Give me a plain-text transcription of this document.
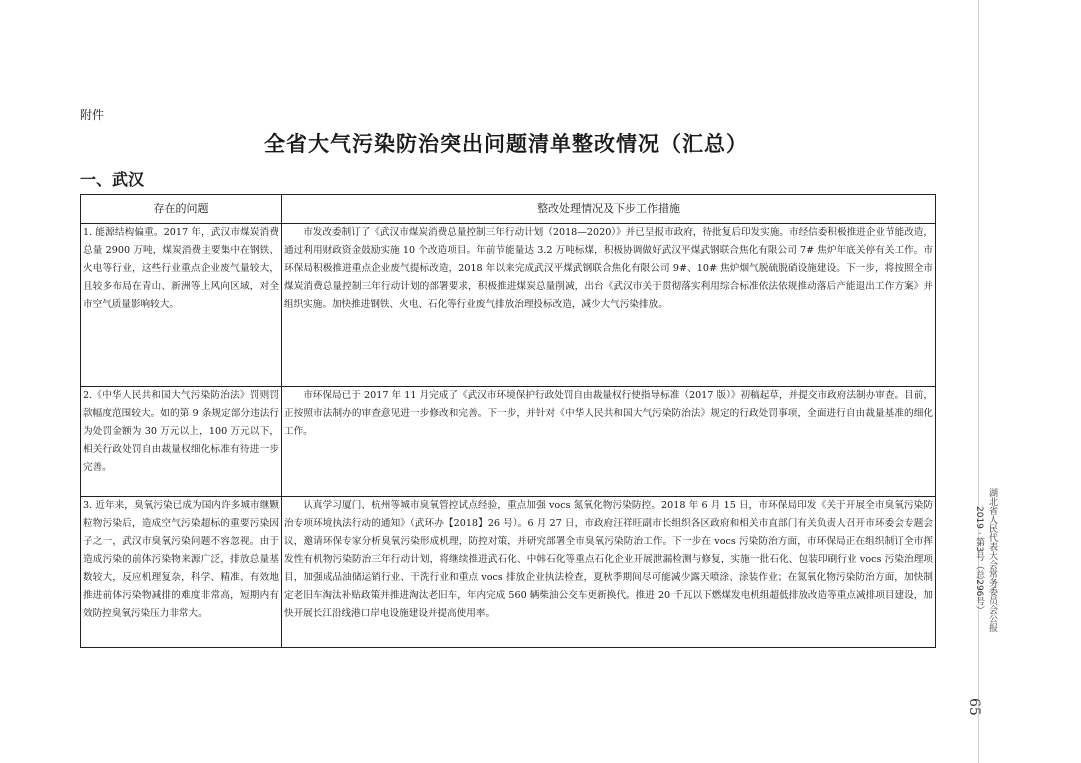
附件
全省大气污染防治突出问题清单整改情况（汇总）
一、武汉
存在的问题	整改处理情况及下步工作措施
1. 能源结构偏重。2017 年，武汉市煤炭消费总量 2900 万吨，煤炭消费主要集中在钢铁、火电等行业，这些行业重点企业废气量较大，且较多布局在青山、新洲等上风向区域，对全市空气质量影响较大。	市发改委制订了《武汉市煤炭消费总量控制三年行动计划（2018—2020）》并已呈报市政府，待批复后印发实施。市经信委积极推进企业节能改造，通过利用财政资金鼓励实施 10 个改造项目。年前节能量达 3.2 万吨标煤，积极协调做好武汉平煤武钢联合焦化有限公司 7# 焦炉年底关停有关工作。市环保局积极推进重点企业废气提标改造，2018 年以来完成武汉平煤武钢联合焦化有限公司 9#、10# 焦炉烟气脱硫脱硝设施建设。下一步，将按照全市煤炭消费总量控制三年行动计划的部署要求，积极推进煤炭总量削减，出台《武汉市关于贯彻落实利用综合标准依法依规推动落后产能退出工作方案》并组织实施。加快推进钢铁、火电、石化等行业废气排放治理投标改造，减少大气污染排放。
2.《中华人民共和国大气污染防治法》罚则罚款幅度范围较大。如的第 9 条规定部分违法行为处罚金额为 30 万元以上，100 万元以下，相关行政处罚自由裁量权细化标准有待进一步完善。	市环保局已于 2017 年 11 月完成了《武汉市环境保护行政处罚自由裁量权行使指导标准（2017 版）》初稿起草，并提交市政府法制办审查。目前，正按照市法制办的审查意见进一步修改和完善。下一步，并针对《中华人民共和国大气污染防治法》规定的行政处罚事项，全面进行自由裁量基准的细化工作。
3. 近年来，臭氧污染已成为国内许多城市继颗粒物污染后，造成空气污染超标的重要污染因子之一，武汉市臭氧污染问题不容忽视。由于造成污染的前体污染物来源广泛，排放总量基数较大，反应机理复杂，科学、精准、有效地推进前体污染物减排的难度非常高，短期内有效防控臭氧污染压力非常大。	认真学习厦门、杭州等城市臭氧管控试点经验，重点加强 vocs 氮氧化物污染防控。2018 年 6 月 15 日，市环保局印发《关于开展全市臭氧污染防治专项环境执法行动的通知》（武环办【2018】26 号）。6 月 27 日，市政府汪祥旺副市长组织各区政府和相关市直部门有关负责人召开市环委会专题会议，邀请环保专家分析臭氧污染形成机理，防控对策，并研究部署全市臭氧污染防治工作。下一步在 vocs 污染防治方面，市环保局正在组织制订全市挥发性有机物污染防治三年行动计划，将继续推进武石化、中韩石化等重点石化企业开展泄漏检测与修复，实施一批石化、包装印刷行业 vocs 污染治理项目，加强成品油储运销行业、干洗行业和重点 vocs 排放企业执法检查，夏秋季期间尽可能减少露天喷涂、涂装作业；在氮氧化物污染防治方面，加快制定老旧车淘汰补贴政策并推进淘汰老旧车，年内完成 560 辆柴油公交车更新换代。推进 20 千瓦以下燃煤发电机组超低排放改造等重点减排项目建设，加快开展长江沿线港口岸电设施建设并提高使用率。	湖北省人民代表大会常务委员会公报
2019 · 第3号（总296号）
65
